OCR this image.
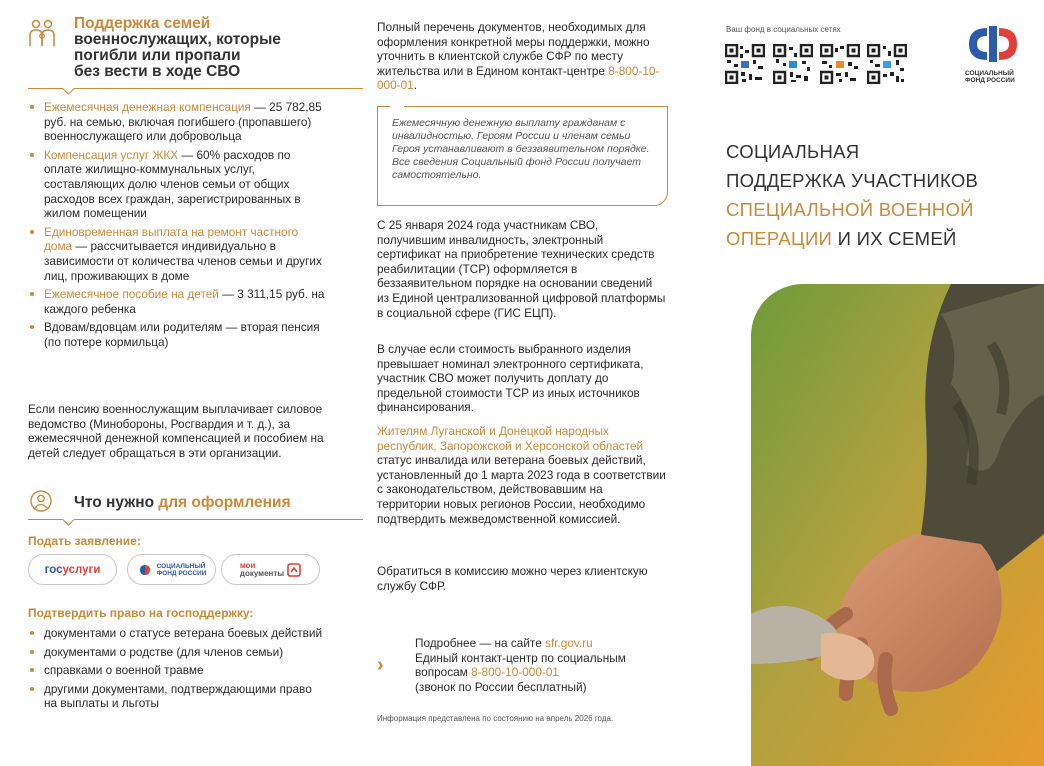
Поддержка семей
военнослужащих, которые
погибли или пропали
без вести в ходе СВО
Ежемесячная денежная компенсация — 25 782,85 руб. на семью, включая погибшего (пропавшего) военнослужащего или добровольца
Компенсация услуг ЖКХ — 60% расходов по оплате жилищно-коммунальных услуг, составляющих долю членов семьи от общих расходов всех граждан, зарегистрированных в жилом помещении
Единовременная выплата на ремонт частного дома — рассчитывается индивидуально в зависимости от количества членов семьи и других лиц, проживающих в доме
Ежемесячное пособие на детей — 3 311,15 руб. на каждого ребенка
Вдовам/вдовцам или родителям — вторая пенсия (по потере кормильца)
Если пенсию военнослужащим выплачивает силовое ведомство (Минобороны, Росгвардия и т. д.), за ежемесячной денежной компенсацией и пособием на детей следует обращаться в эти организации.
Что нужно для оформления
Подать заявление:
гос услуги	СОЦИАЛЬНЫЙ
ФОНД РОССИИ
мои
документы
Подтвердить право на господдержку:
документами о статусе ветерана боевых действий
документами о родстве (для членов семьи)
справками о военной травме
другими документами, подтверждающими право на выплаты и льготы
Полный перечень документов, необходимых для оформления конкретной меры поддержки, можно уточнить в клиентской службе СФР по месту жительства или в Едином контакт-центре 8-800-10-000-01.
Ежемесячную денежную выплату гражданам с инвалидностью, Героям России и членам семьи Героя устанавливают в беззаявительном порядке. Все сведения Социальный фонд России получает самостоятельно.
С 25 января 2024 года участникам СВО, получившим инвалидность, электронный сертификат на приобретение технических средств реабилитации (ТСР) оформляется в беззаявительном порядке на основании сведений из Единой централизованной цифровой платформы в социальной сфере (ГИС ЕЦП).
В случае если стоимость выбранного изделия превышает номинал электронного сертификата, участник СВО может получить доплату до предельной стоимости ТСР из иных источников финансирования.
Жителям Луганской и Донецкой народных республик, Запорожской и Херсонской областей статус инвалида или ветерана боевых действий, установленный до 1 марта 2023 года в соответствии с законодательством, действовавшим на территории новых регионов России, необходимо подтвердить межведомственной комиссией.
Обратиться в комиссию можно через клиентскую службу СФР.
›
Подробнее — на сайте sfr.gov.ru
Единый контакт-центр по социальным вопросам 8-800-10-000-01
(звонок по России бесплатный)
Информация представлена по состоянию на апрель 2026 года.
Ваш фонд в социальных сетях
СОЦИАЛЬНЫЙ
ФОНД РОССИИ
СОЦИАЛЬНАЯ
ПОДДЕРЖКА УЧАСТНИКОВ
СПЕЦИАЛЬНОЙ ВОЕННОЙ
ОПЕРАЦИИ И ИХ СЕМЕЙ
